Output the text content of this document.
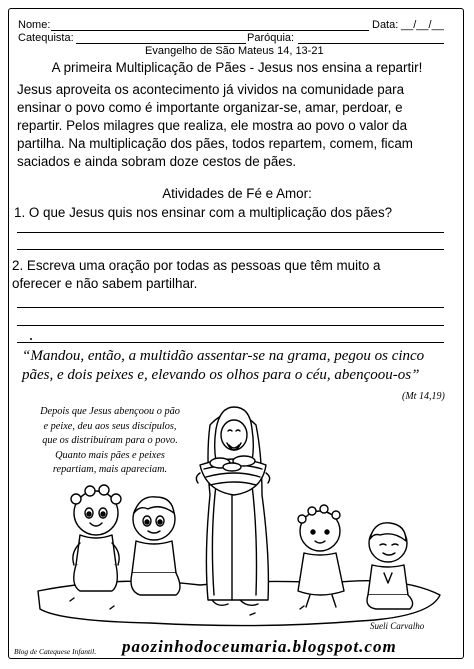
Nome:	Data: __/__/__
Catequista:	Paróquia:
Evangelho de São Mateus 14, 13-21
A primeira Multiplicação de Pães - Jesus nos ensina a repartir!
Jesus aproveita os acontecimento já vividos na comunidade para
ensinar o povo como é importante organizar-se, amar, perdoar, e
repartir. Pelos milagres que realiza, ele mostra ao povo o valor da
partilha. Na multiplicação dos pães, todos repartem, comem, ficam
saciados e ainda sobram doze cestos de pães.
Atividades de Fé e Amor:
1. O que Jesus quis nos ensinar com a multiplicação dos pães?
2. Escreva uma oração por todas as pessoas que têm muito a
oferecer e não sabem partilhar.
“Mandou, então, a multidão assentar-se na grama, pegou os cinco
pães, e dois peixes e, elevando os olhos para o céu, abençoou-os”
(Mt 14,19)
Depois que Jesus abençoou o pão
e peixe, deu aos seus discípulos,
que os distribuíram para o povo.
Quanto mais pães e peixes
repartiam, mais apareciam.
Sueli Carvalho
Blog de Catequese Infantil. paozinhodoceumaria.blogspot.com
